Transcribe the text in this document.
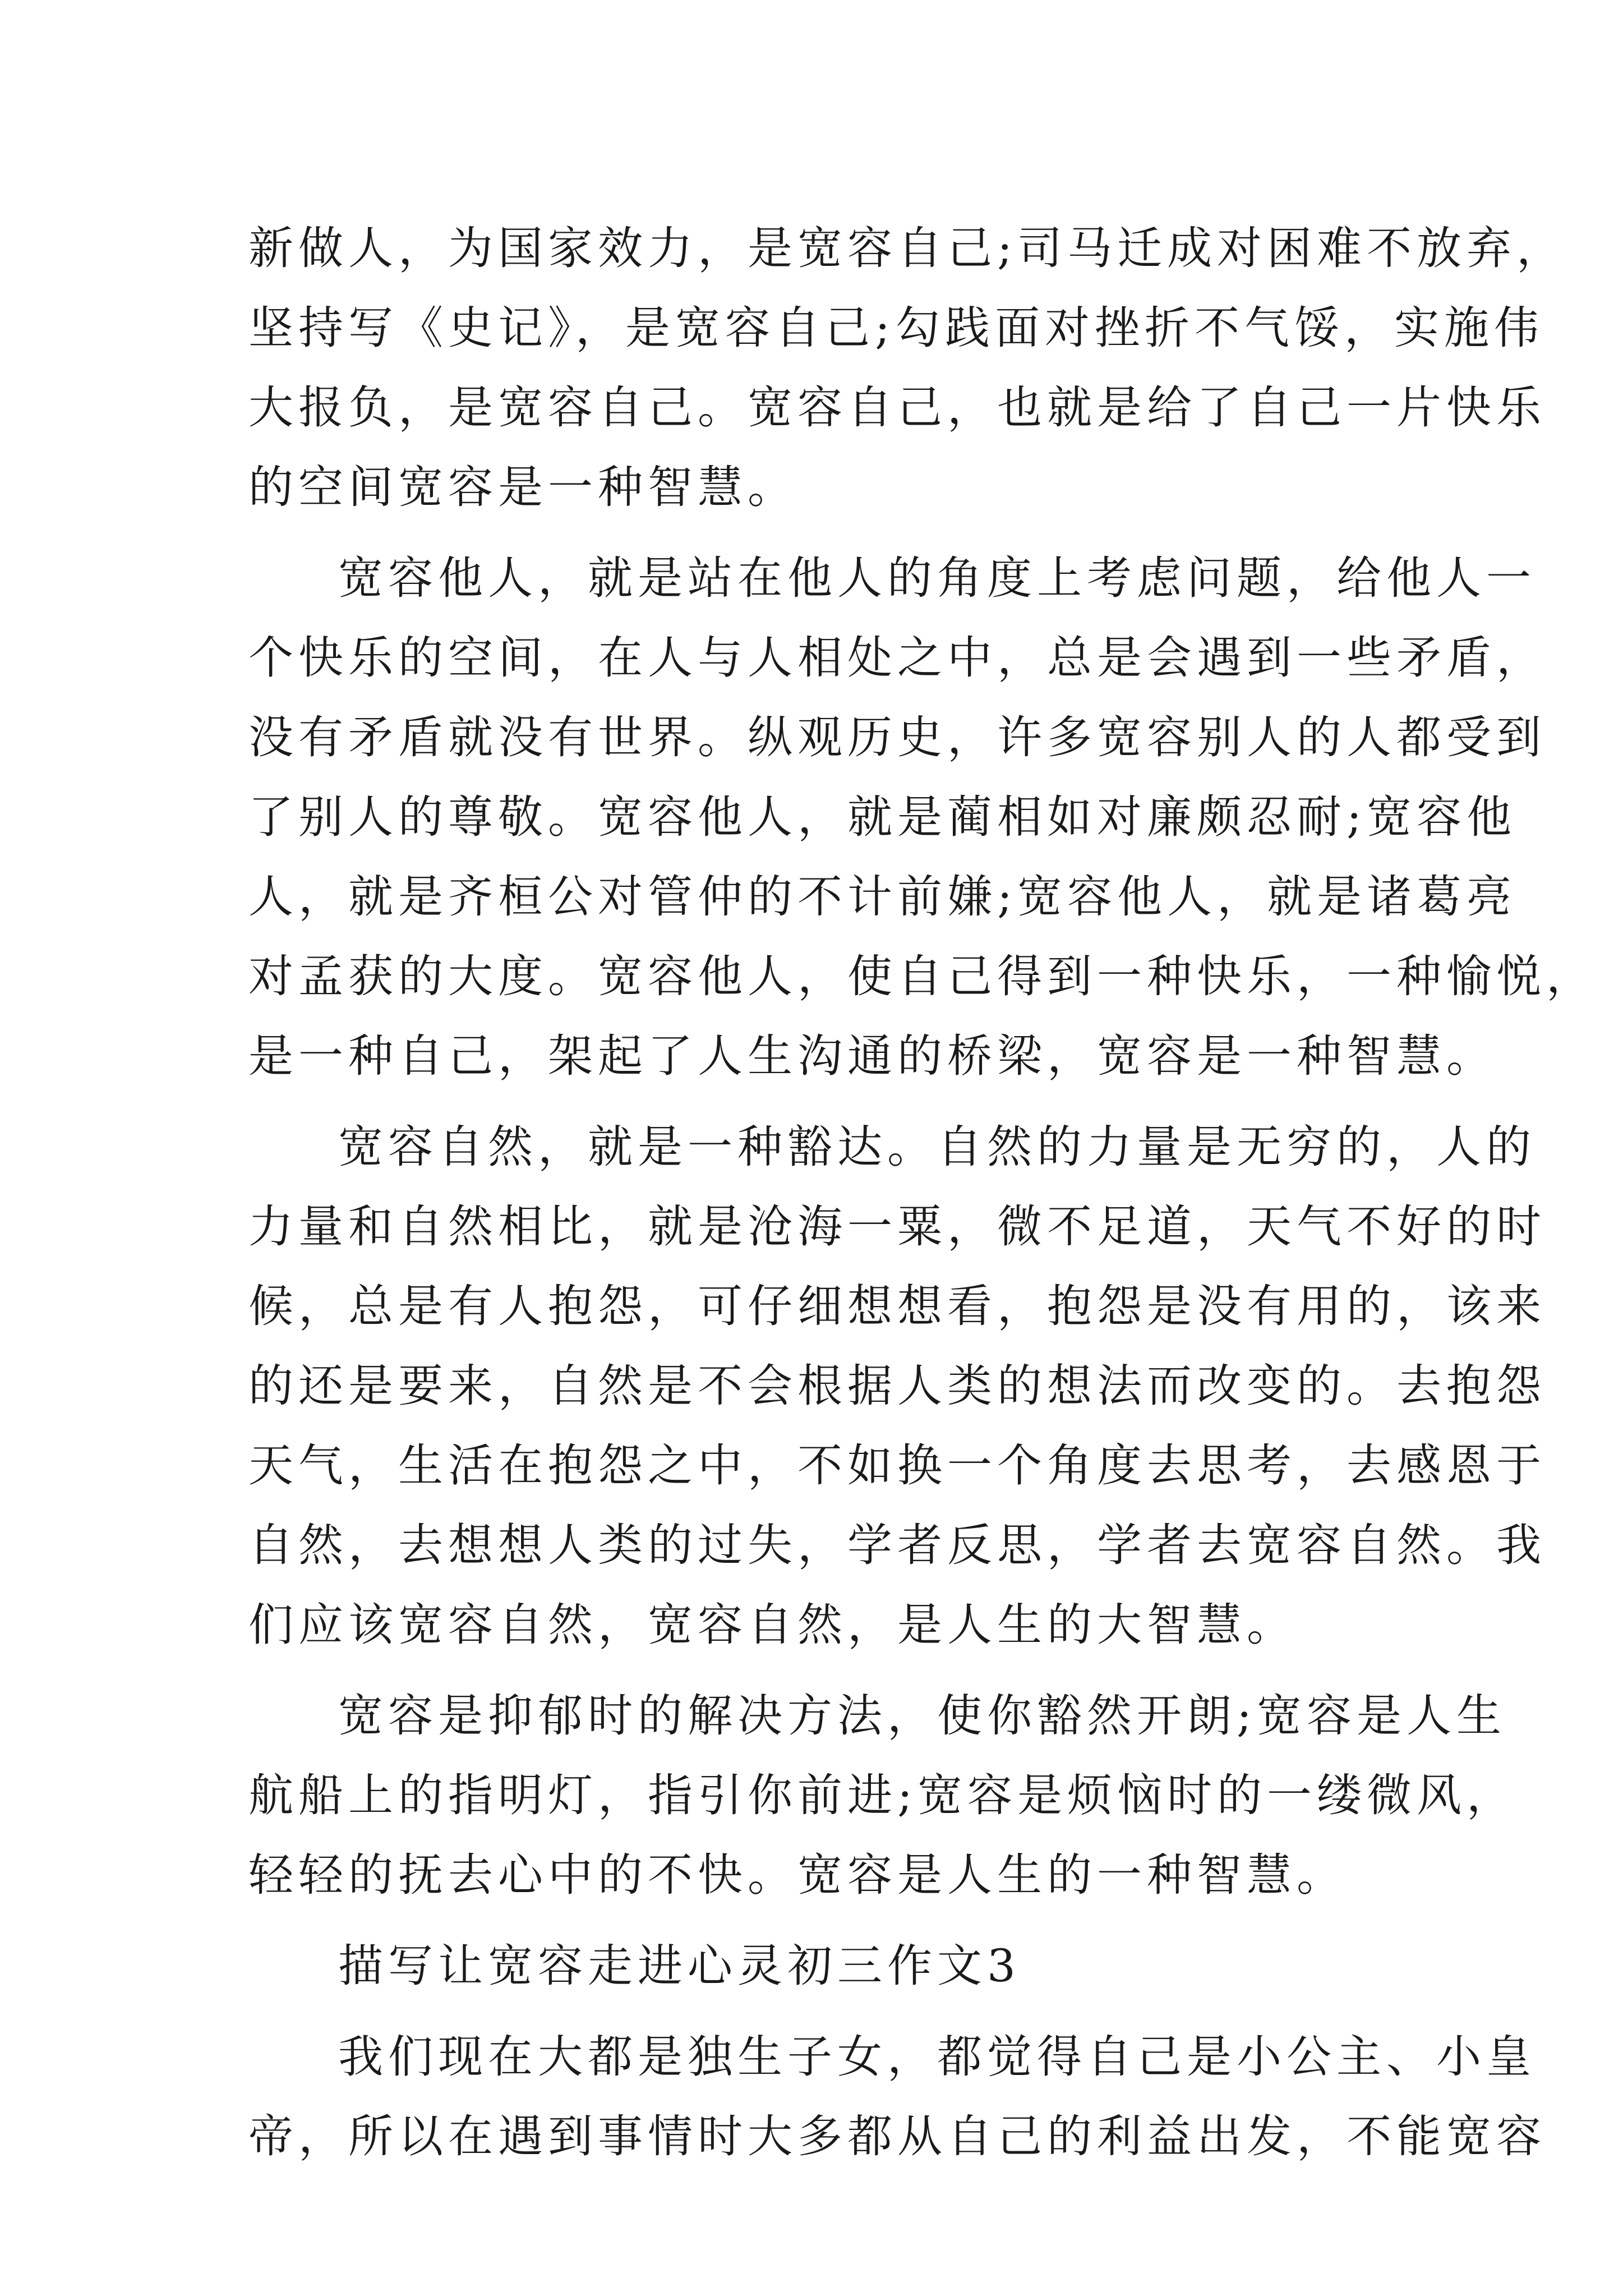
新做人，为国家效力，是宽容自己;司马迁成对困难不放弃，
坚持写《史记》，是宽容自己;勾践面对挫折不气馁，实施伟
大报负，是宽容自己。宽容自己，也就是给了自己一片快乐
的空间宽容是一种智慧。
宽容他人，就是站在他人的角度上考虑问题，给他人一
个快乐的空间，在人与人相处之中，总是会遇到一些矛盾，
没有矛盾就没有世界。纵观历史，许多宽容别人的人都受到
了别人的尊敬。宽容他人，就是蔺相如对廉颇忍耐;宽容他
人，就是齐桓公对管仲的不计前嫌;宽容他人，就是诸葛亮
对孟获的大度。宽容他人，使自己得到一种快乐，一种愉悦，
是一种自己，架起了人生沟通的桥梁，宽容是一种智慧。
宽容自然，就是一种豁达。自然的力量是无穷的，人的
力量和自然相比，就是沧海一粟，微不足道，天气不好的时
候，总是有人抱怨，可仔细想想看，抱怨是没有用的，该来
的还是要来，自然是不会根据人类的想法而改变的。去抱怨
天气，生活在抱怨之中，不如换一个角度去思考，去感恩于
自然，去想想人类的过失，学者反思，学者去宽容自然。我
们应该宽容自然，宽容自然，是人生的大智慧。
宽容是抑郁时的解决方法，使你豁然开朗;宽容是人生
航船上的指明灯，指引你前进;宽容是烦恼时的一缕微风，
轻轻的抚去心中的不快。宽容是人生的一种智慧。
描写让宽容走进心灵初三作文3
我们现在大都是独生子女，都觉得自己是小公主、小皇
帝，所以在遇到事情时大多都从自己的利益出发，不能宽容
